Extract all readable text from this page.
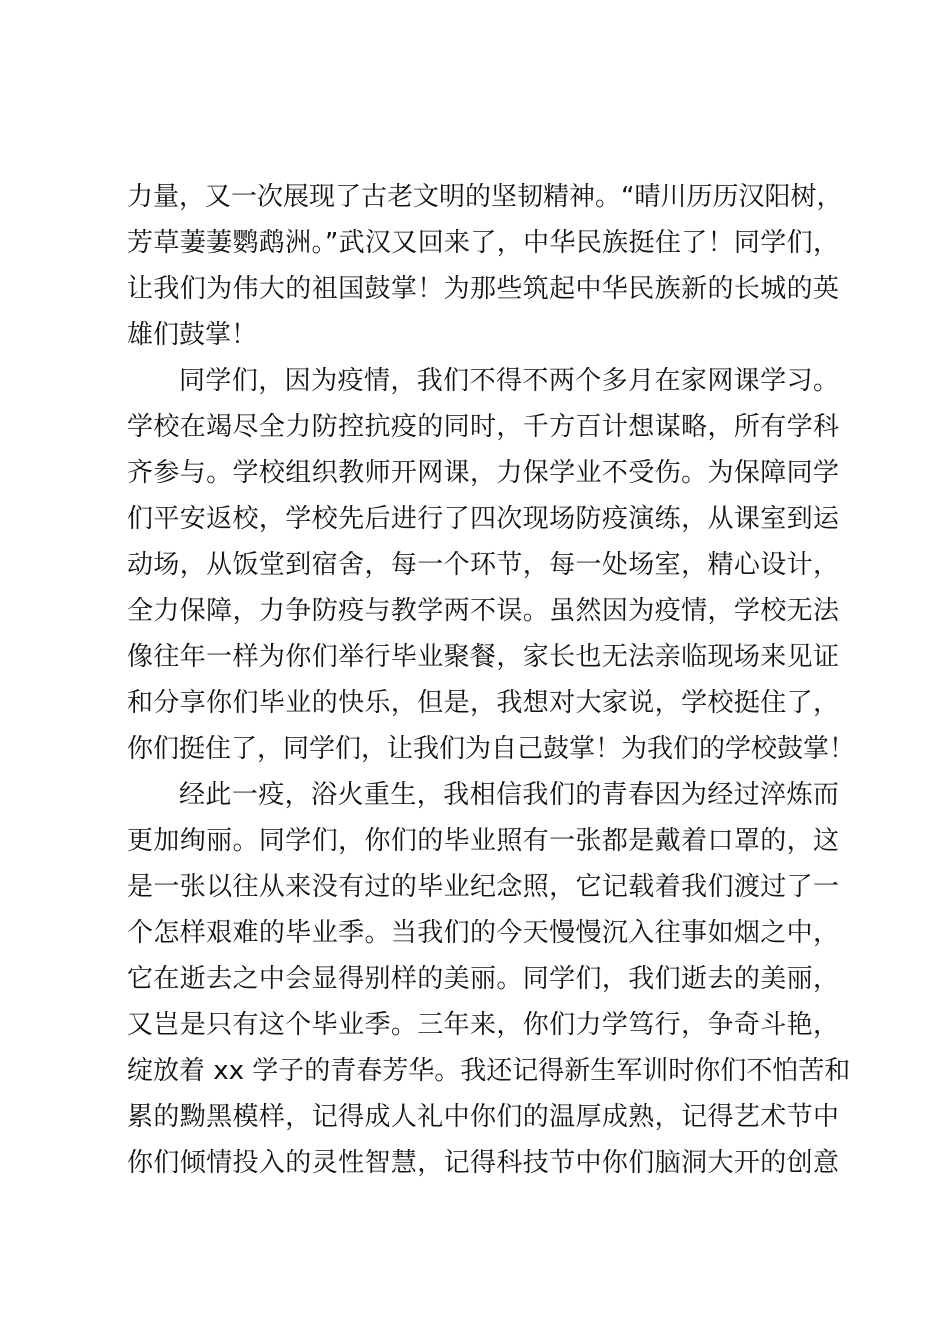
力量，又一次展现了古老文明的坚韧精神。“晴川历历汉阳树，
芳草萋萋鹦鹉洲。”武汉又回来了，中华民族挺住了！同学们，
让我们为伟大的祖国鼓掌！为那些筑起中华民族新的长城的英
雄们鼓掌！
同学们，因为疫情，我们不得不两个多月在家网课学习。
学校在竭尽全力防控抗疫的同时，千方百计想谋略，所有学科
齐参与。学校组织教师开网课，力保学业不受伤。为保障同学
们平安返校，学校先后进行了四次现场防疫演练，从课室到运
动场，从饭堂到宿舍，每一个环节，每一处场室，精心设计，
全力保障，力争防疫与教学两不误。虽然因为疫情，学校无法
像往年一样为你们举行毕业聚餐，家长也无法亲临现场来见证
和分享你们毕业的快乐，但是，我想对大家说，学校挺住了，
你们挺住了，同学们，让我们为自己鼓掌！为我们的学校鼓掌！
经此一疫，浴火重生，我相信我们的青春因为经过淬炼而
更加绚丽。同学们，你们的毕业照有一张都是戴着口罩的，这
是一张以往从来没有过的毕业纪念照，它记载着我们渡过了一
个怎样艰难的毕业季。当我们的今天慢慢沉入往事如烟之中，
它在逝去之中会显得别样的美丽。同学们，我们逝去的美丽，
又岂是只有这个毕业季。三年来，你们力学笃行，争奇斗艳，
绽放着 xx 学子的青春芳华。我还记得新生军训时你们不怕苦和
累的黝黑模样，记得成人礼中你们的温厚成熟，记得艺术节中
你们倾情投入的灵性智慧，记得科技节中你们脑洞大开的创意
